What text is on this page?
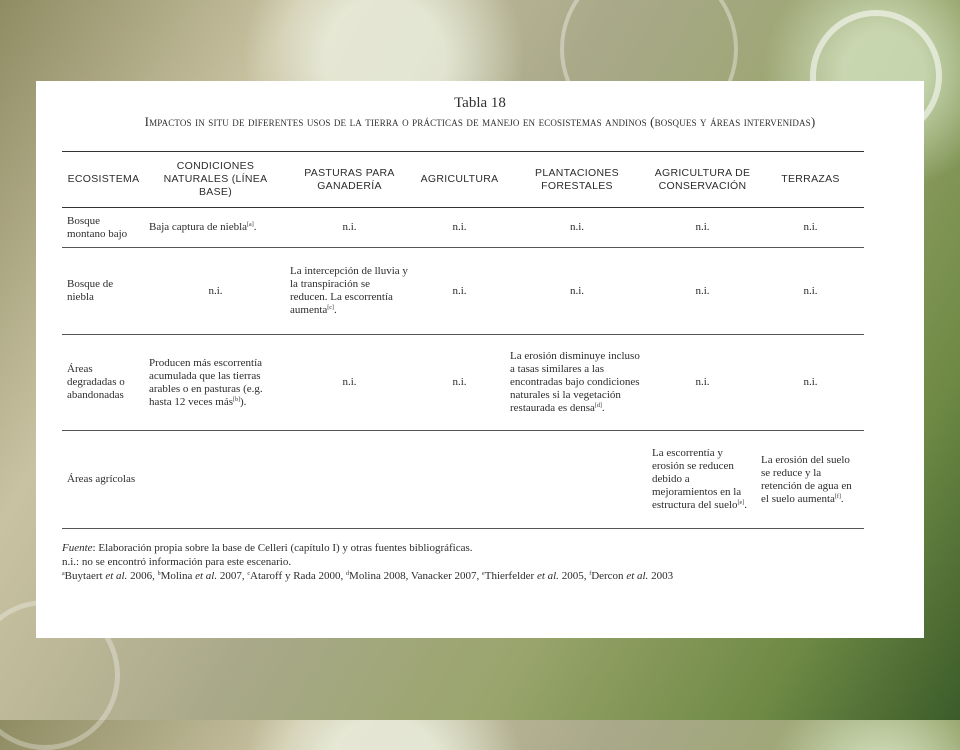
Tabla 18
Impactos in situ de diferentes usos de la tierra o prácticas de manejo en ecosistemas andinos (bosques y áreas intervenidas)
ECOSISTEMA	CONDICIONES NATURALES (LÍNEA BASE)	PASTURAS PARA GANADERÍA	AGRICULTURA	PLANTACIONES FORESTALES	AGRICULTURA DE CONSERVACIÓN	TERRAZAS
Bosque montano bajo	Baja captura de niebla[a].	n.i.	n.i.	n.i.	n.i.	n.i.
Bosque de niebla	n.i.	La intercepción de lluvia y la transpiración se reducen. La escorrentía aumenta[c].	n.i.	n.i.	n.i.	n.i.
Áreas degradadas o abandonadas	Producen más escorrentía acumulada que las tierras arables o en pasturas (e.g. hasta 12 veces más[b]).	n.i.	n.i.	La erosión disminuye incluso a tasas similares a las encontradas bajo condiciones naturales si la vegetación restaurada es densa[d].	n.i.	n.i.
Áreas agrícolas					La escorrentía y erosión se reducen debido a mejoramientos en la estructura del suelo[e].	La erosión del suelo se reduce y la retención de agua en el suelo aumenta[f].
Fuente: Elaboración propia sobre la base de Celleri (capítulo I) y otras fuentes bibliográficas.
n.i.: no se encontró información para este escenario.
$^a$Buytaert et al. 2006, $^b$Molina et al. 2007, $^c$Ataroff y Rada 2000, $^d$Molina 2008, Vanacker 2007, $^e$Thierfelder et al. 2005, $^f$Dercon et al. 2003
